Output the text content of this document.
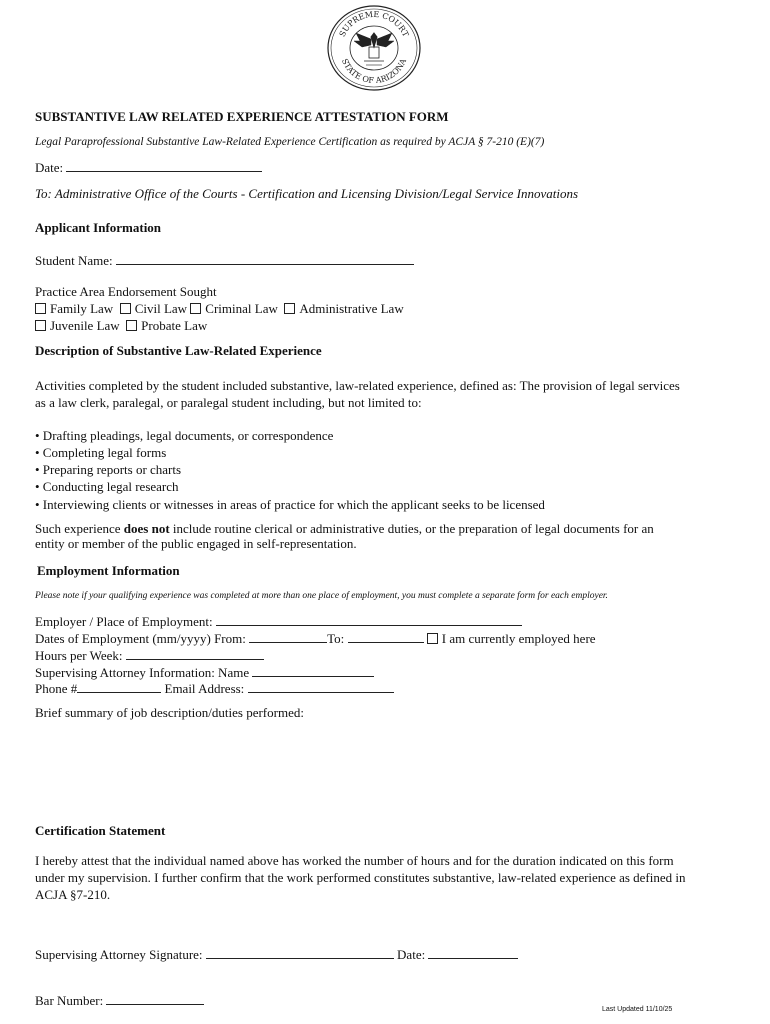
SUPREME COURT
STATE OF ARIZONA
SUBSTANTIVE LAW RELATED EXPERIENCE ATTESTATION FORM
Legal Paraprofessional Substantive Law-Related Experience Certification as required by ACJA § 7-210 (E)(7)
Date:
To: Administrative Office of the Courts - Certification and Licensing Division/Legal Service Innovations
Applicant Information
Student Name:
Practice Area Endorsement Sought
Family Law Civil Law Criminal Law Administrative Law
Juvenile Law Probate Law
Description of Substantive Law-Related Experience
Activities completed by the student included substantive, law-related experience, defined as: The provision of legal services
as a law clerk, paralegal, or paralegal student including, but not limited to:
• Drafting pleadings, legal documents, or correspondence
• Completing legal forms
• Preparing reports or charts
• Conducting legal research
• Interviewing clients or witnesses in areas of practice for which the applicant seeks to be licensed
Such experience does not include routine clerical or administrative duties, or the preparation of legal documents for an
entity or member of the public engaged in self-representation.
Employment Information
Please note if your qualifying experience was completed at more than one place of employment, you must complete a separate form for each employer.
Employer / Place of Employment:
Dates of Employment (mm/yyyy) From:	To:	I am currently employed here
Hours per Week:
Supervising Attorney Information: Name
Phone #	Email Address:
Brief summary of job description/duties performed:
Certification Statement
I hereby attest that the individual named above has worked the number of hours and for the duration indicated on this form
under my supervision. I further confirm that the work performed constitutes substantive, law-related experience as defined in
ACJA §7-210.
Supervising Attorney Signature:	Date:
Bar Number:
Last Updated 11/10/25
